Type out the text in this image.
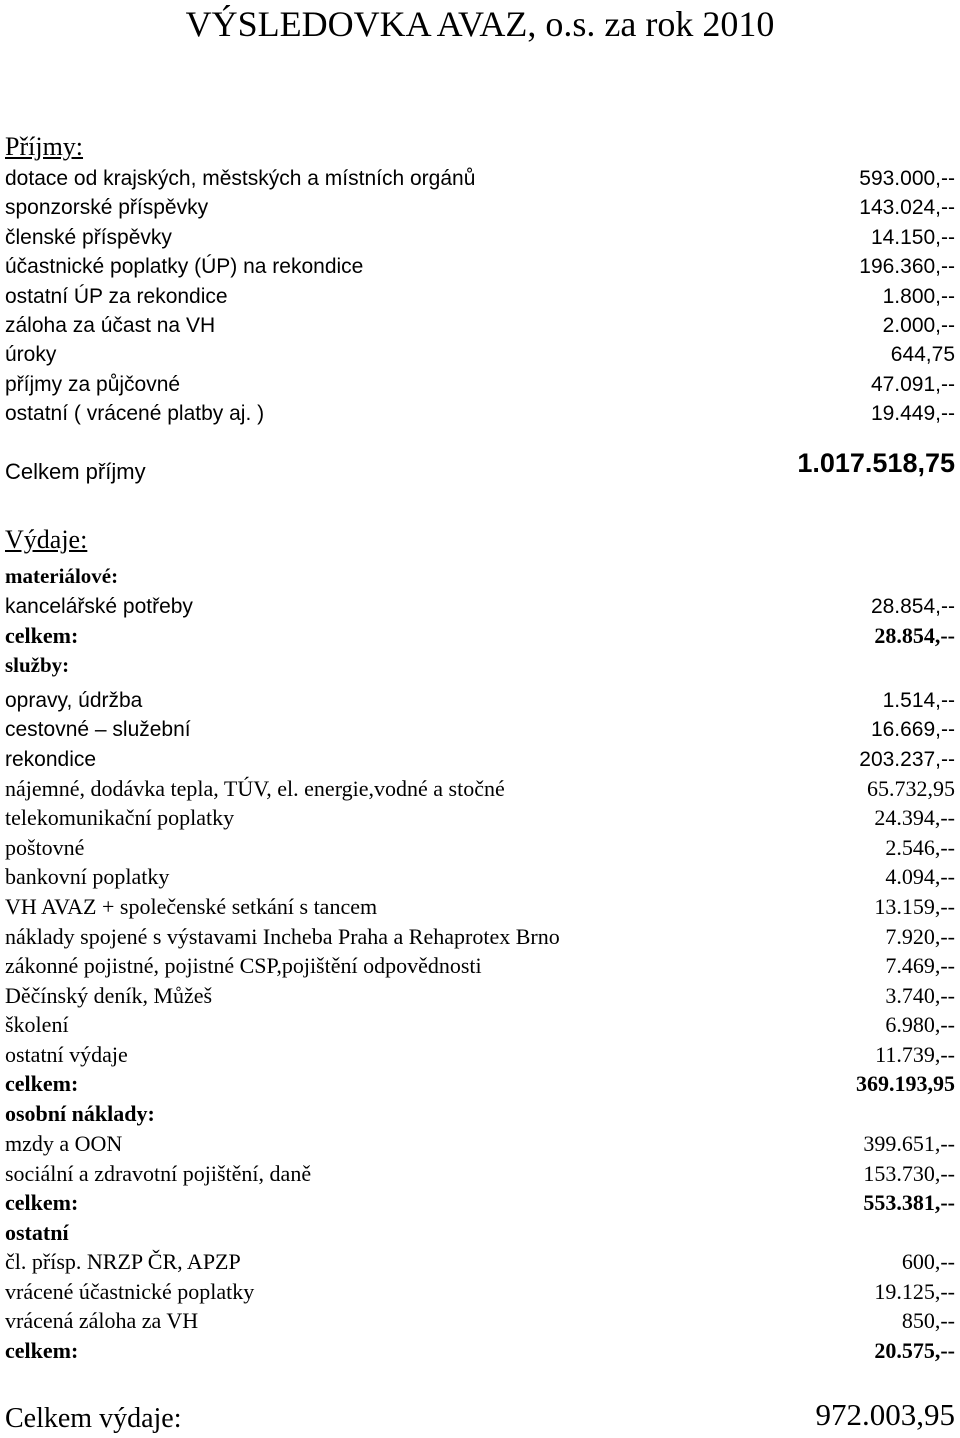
VÝSLEDOVKA AVAZ, o.s. za rok 2010
Příjmy:
dotace od krajských, městských a místních orgánů	593.000,--
sponzorské příspěvky	143.024,--
členské příspěvky	14.150,--
účastnické poplatky (ÚP) na rekondice	196.360,--
ostatní ÚP za rekondice	1.800,--
záloha za účast na VH	2.000,--
úroky	644,75
příjmy za půjčovné	47.091,--
ostatní ( vrácené platby aj. )	19.449,--
Celkem příjmy	1.017.518,75
Výdaje:
materiálové:
kancelářské potřeby	28.854,--
celkem:	28.854,--
služby:
opravy, údržba	1.514,--
cestovné – služební	16.669,--
rekondice	203.237,--
nájemné, dodávka tepla, TÚV, el. energie,vodné a stočné	65.732,95
telekomunikační poplatky	24.394,--
poštovné	2.546,--
bankovní poplatky	4.094,--
VH AVAZ + společenské setkání s tancem	13.159,--
náklady spojené s výstavami Incheba Praha a Rehaprotex Brno	7.920,--
zákonné pojistné, pojistné CSP,pojištění odpovědnosti	7.469,--
Děčínský deník, Můžeš	3.740,--
školení	6.980,--
ostatní výdaje	11.739,--
celkem:	369.193,95
osobní náklady:
mzdy a OON	399.651,--
sociální a zdravotní pojištění, daně	153.730,--
celkem:	553.381,--
ostatní
čl. přísp. NRZP ČR, APZP	600,--
vrácené účastnické poplatky	19.125,--
vrácená záloha za VH	850,--
celkem:	20.575,--
Celkem výdaje:	972.003,95
